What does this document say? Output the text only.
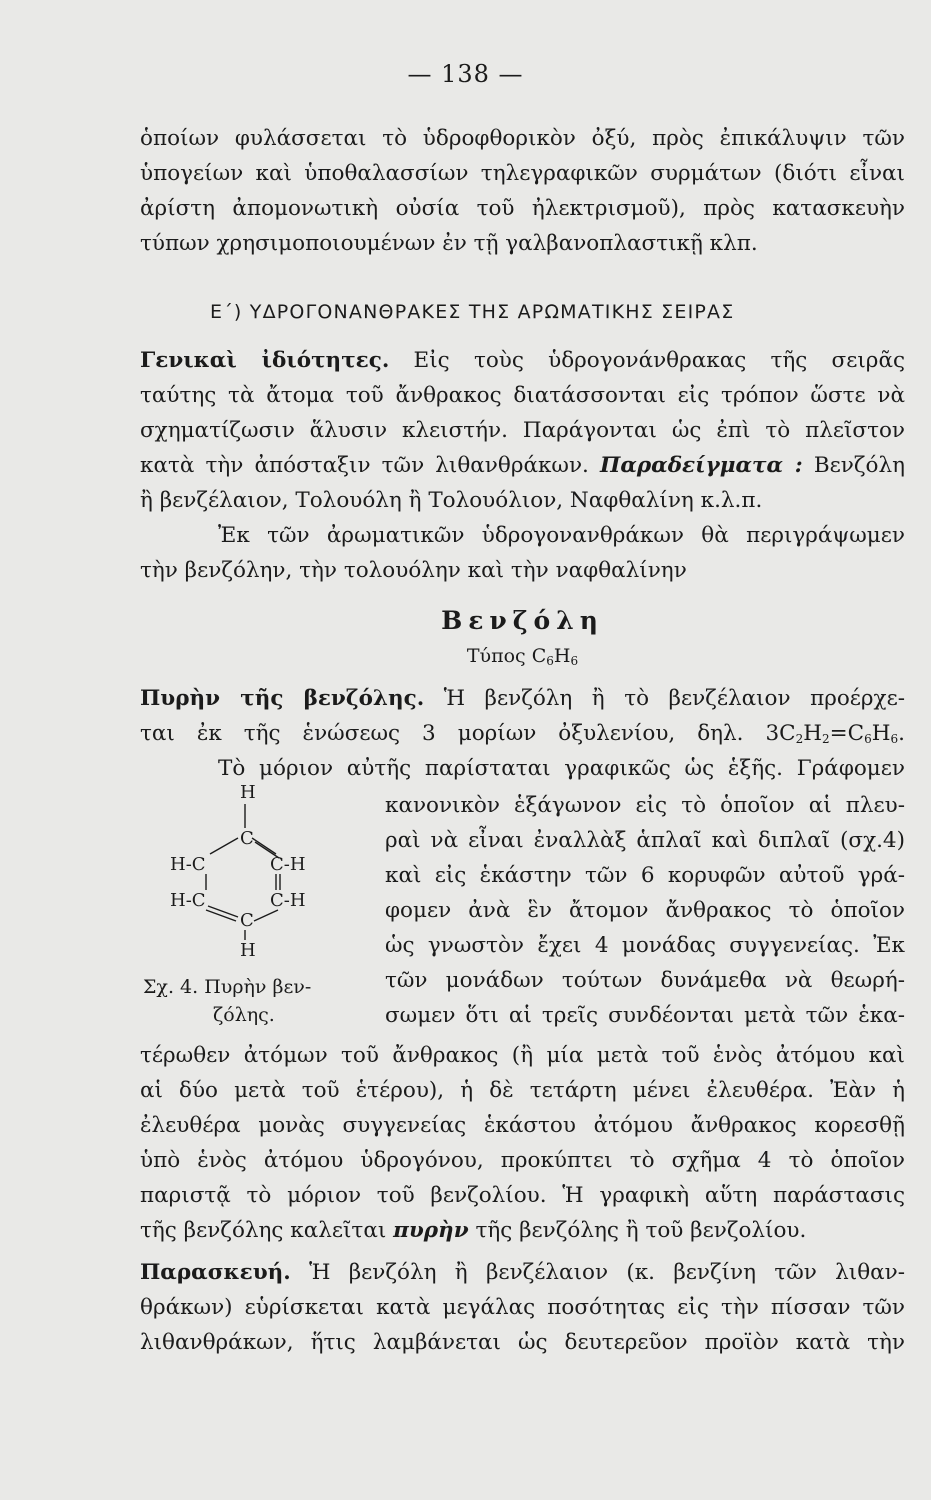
— 138 —
ὁποίων φυλάσσεται τὸ ὑδροφθορικὸν ὀξύ, πρὸς ἐπικάλυψιν τῶν
ὑπογείων καὶ ὑποθαλασσίων τηλεγραφικῶν συρμάτων (διότι εἶναι
ἀρίστη ἀπομονωτικὴ οὐσία τοῦ ἠλεκτρισμοῦ), πρὸς κατασκευὴν
τύπων χρησιμοποιουμένων ἐν τῇ γαλβανοπλαστικῇ κλπ.
Ε΄) ΥΔΡΟΓΟΝΑΝΘΡΑΚΕΣ ΤΗΣ ΑΡΩΜΑΤΙΚΗΣ ΣΕΙΡΑΣ
Γενικαὶ ἰδιότητες. Εἰς τοὺς ὑδρογονάνθρακας τῆς σειρᾶς
ταύτης τὰ ἄτομα τοῦ ἄνθρακος διατάσσονται εἰς τρόπον ὥστε νὰ
σχηματίζωσιν ἅλυσιν κλειστήν. Παράγονται ὡς ἐπὶ τὸ πλεῖστον
κατὰ τὴν ἀπόσταξιν τῶν λιθανθράκων. Παραδείγματα : Βενζόλη
ἢ βενζέλαιον, Τολουόλη ἢ Τολουόλιον, Ναφθαλίνη κ.λ.π.
Ἐκ τῶν ἀρωματικῶν ὑδρογονανθράκων θὰ περιγράψωμεν
τὴν βενζόλην, τὴν τολουόλην καὶ τὴν ναφθαλίνην
Βενζόλη
Τύπος $C_6H_6$
Πυρὴν τῆς βενζόλης. Ἡ βενζόλη ἢ τὸ βενζέλαιον προέρχε-
ται ἐκ τῆς ἑνώσεως 3 μορίων ὀξυλενίου, δηλ. $3C_2H_2=C_6H_6$.
Τὸ μόριον αὐτῆς παρίσταται γραφικῶς ὡς ἑξῆς. Γράφομεν
H
C
H-C	C-H
H-C	C-H
C
H
κανονικὸν ἑξάγωνον εἰς τὸ ὁποῖον αἱ πλευ-
ραὶ νὰ εἶναι ἐναλλὰξ ἁπλαῖ καὶ διπλαῖ (σχ.4)
καὶ εἰς ἑκάστην τῶν 6 κορυφῶν αὐτοῦ γρά-
φομεν ἀνὰ ἓν ἄτομον ἄνθρακος τὸ ὁποῖον
ὡς γνωστὸν ἔχει 4 μονάδας συγγενείας. Ἐκ
τῶν μονάδων τούτων δυνάμεθα νὰ θεωρή-
σωμεν ὅτι αἱ τρεῖς συνδέονται μετὰ τῶν ἑκα-
Σχ. 4. Πυρὴν βεν-
ζόλης.
τέρωθεν ἀτόμων τοῦ ἄνθρακος (ἢ μία μετὰ τοῦ ἑνὸς ἀτόμου καὶ
αἱ δύο μετὰ τοῦ ἑτέρου), ἡ δὲ τετάρτη μένει ἐλευθέρα. Ἐὰν ἡ
ἐλευθέρα μονὰς συγγενείας ἑκάστου ἀτόμου ἄνθρακος κορεσθῇ
ὑπὸ ἑνὸς ἀτόμου ὑδρογόνου, προκύπτει τὸ σχῆμα 4 τὸ ὁποῖον
παριστᾷ τὸ μόριον τοῦ βενζολίου. Ἡ γραφικὴ αὕτη παράστασις
τῆς βενζόλης καλεῖται πυρὴν τῆς βενζόλης ἢ τοῦ βενζολίου.
Παρασκευή. Ἡ βενζόλη ἢ βενζέλαιον (κ. βενζίνη τῶν λιθαν-
θράκων) εὑρίσκεται κατὰ μεγάλας ποσότητας εἰς τὴν πίσσαν τῶν
λιθανθράκων, ἥτις λαμβάνεται ὡς δευτερεῦον προϊὸν κατὰ τὴν
